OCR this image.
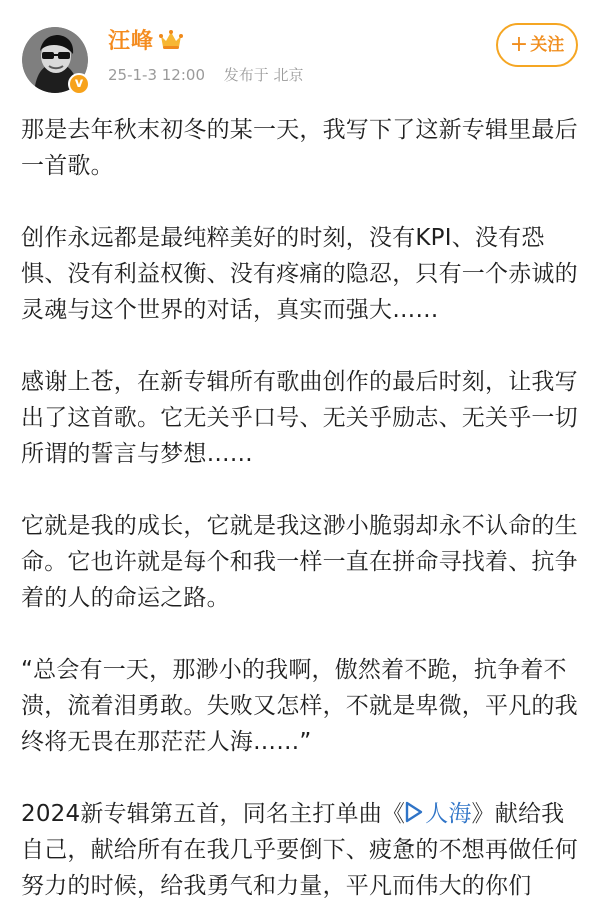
v
汪峰
25-1-3 12:00 发布于 北京
+ 关注

那是去年秋末初冬的某一天，我写下了这新专辑里最后一首歌。

创作永远都是最纯粹美好的时刻，没有KPI、没有恐惧、没有利益权衡、没有疼痛的隐忍，只有一个赤诚的灵魂与这个世界的对话，真实而强大……

感谢上苍，在新专辑所有歌曲创作的最后时刻，让我写出了这首歌。它无关乎口号、无关乎励志、无关乎一切所谓的誓言与梦想……

它就是我的成长，它就是我这渺小脆弱却永不认命的生命。它也许就是每个和我一样一直在拼命寻找着、抗争着的人的命运之路。

“总会有一天，那渺小的我啊，傲然着不跪，抗争着不溃，流着泪勇敢。失败又怎样，不就是卑微，平凡的我终将无畏在那茫茫人海……”

2024新专辑第五首，同名主打单曲《 人海》献给我自己，献给所有在我几乎要倒下、疲惫的不想再做任何努力的时候，给我勇气和力量，平凡而伟大的你们
